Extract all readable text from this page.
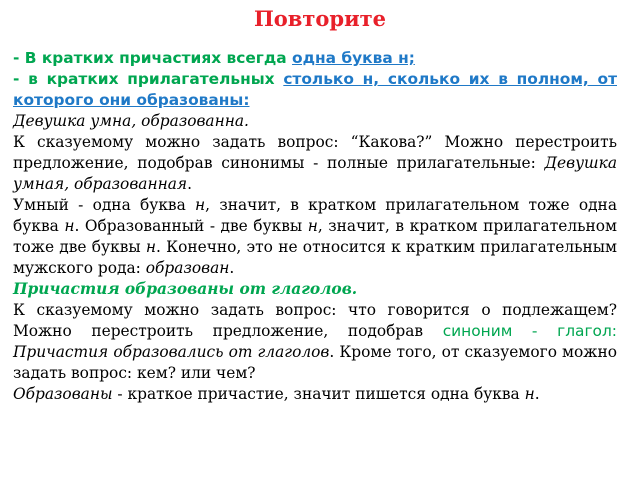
Повторите

- В кратких причастиях всегда одна буква н;

- в кратких прилагательных столько н, сколько их в полном, от которого они образованы:

Девушка умна, образованна.

К сказуемому можно задать вопрос: “Какова?” Можно перестроить предложение, подобрав синонимы - полные прилагательные: Девушка умная, образованная.

Умный - одна буква н, значит, в кратком прилагательном тоже одна буква н. Образованный - две буквы н, значит, в кратком прилагательном тоже две буквы н. Конечно, это не относится к кратким прилагательным мужского рода: образован.

Причастия образованы от глаголов.

К сказуемому можно задать вопрос: что говорится о подлежащем? Можно перестроить предложение, подобрав синоним - глагол: Причастия образовались от глаголов. Кроме того, от сказуемого можно задать вопрос: кем? или чем?

Образованы - краткое причастие, значит пишется одна буква н.
